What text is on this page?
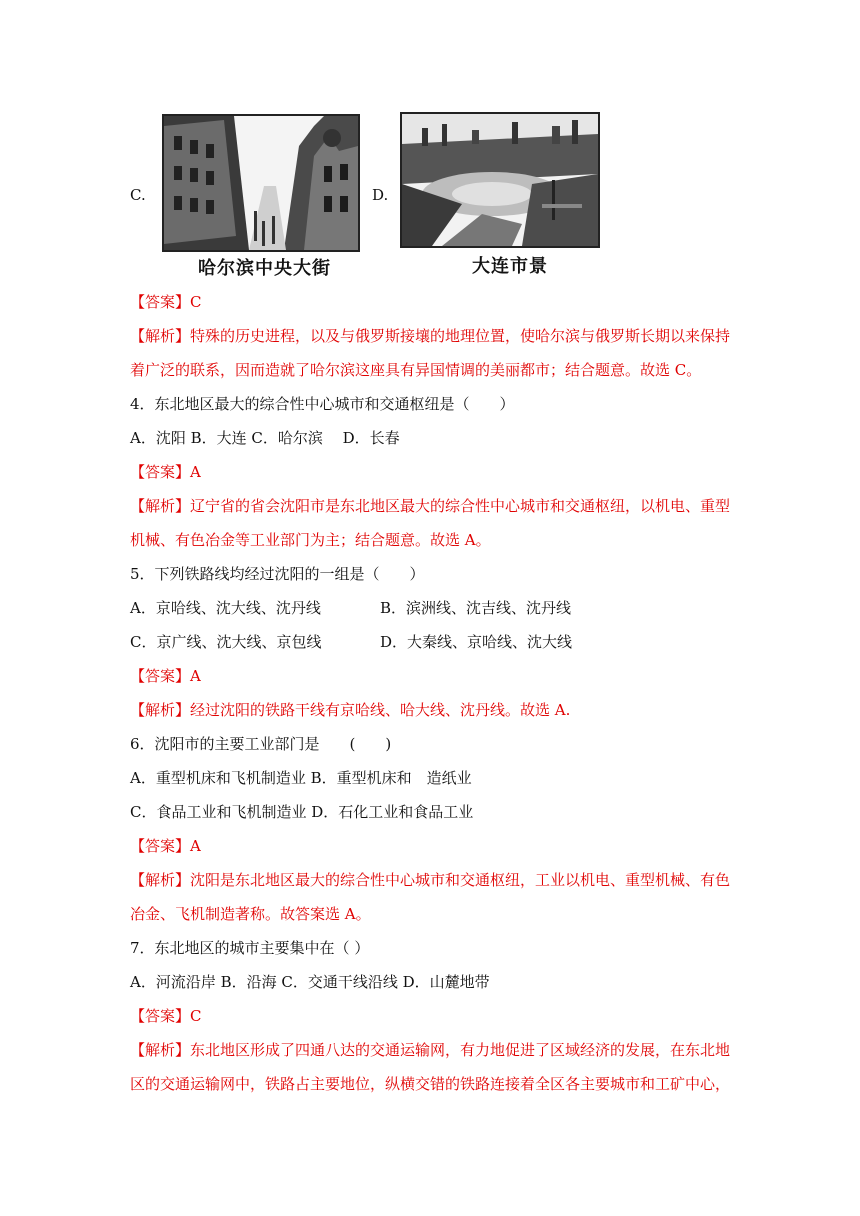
C.
哈尔滨中央大街
D.
大连市景
【答案】C
【解析】特殊的历史进程，以及与俄罗斯接壤的地理位置，使哈尔滨与俄罗斯长期以来保持
着广泛的联系，因而造就了哈尔滨这座具有异国情调的美丽都市；结合题意。故选 C。
4．东北地区最大的综合性中心城市和交通枢纽是（　　）
A．沈阳 B．大连 C．哈尔滨　 D．长春
【答案】A
【解析】辽宁省的省会沈阳市是东北地区最大的综合性中心城市和交通枢纽，以机电、重型
机械、有色冶金等工业部门为主；结合题意。故选 A。
5．下列铁路线均经过沈阳的一组是（　　）
A．京哈线、沈大线、沈丹线	B．滨洲线、沈吉线、沈丹线
C．京广线、沈大线、京包线	D．大秦线、京哈线、沈大线
【答案】A
【解析】经过沈阳的铁路干线有京哈线、哈大线、沈丹线。故选 A.
6．沈阳市的主要工业部门是　　(　　)
A．重型机床和飞机制造业 B．重型机床和　造纸业
C．食品工业和飞机制造业 D．石化工业和食品工业
【答案】A
【解析】沈阳是东北地区最大的综合性中心城市和交通枢纽，工业以机电、重型机械、有色
冶金、飞机制造著称。故答案选 A。
7．东北地区的城市主要集中在（ ）
A．河流沿岸 B．沿海 C．交通干线沿线 D．山麓地带
【答案】C
【解析】东北地区形成了四通八达的交通运输网，有力地促进了区域经济的发展，在东北地
区的交通运输网中，铁路占主要地位，纵横交错的铁路连接着全区各主要城市和工矿中心，
